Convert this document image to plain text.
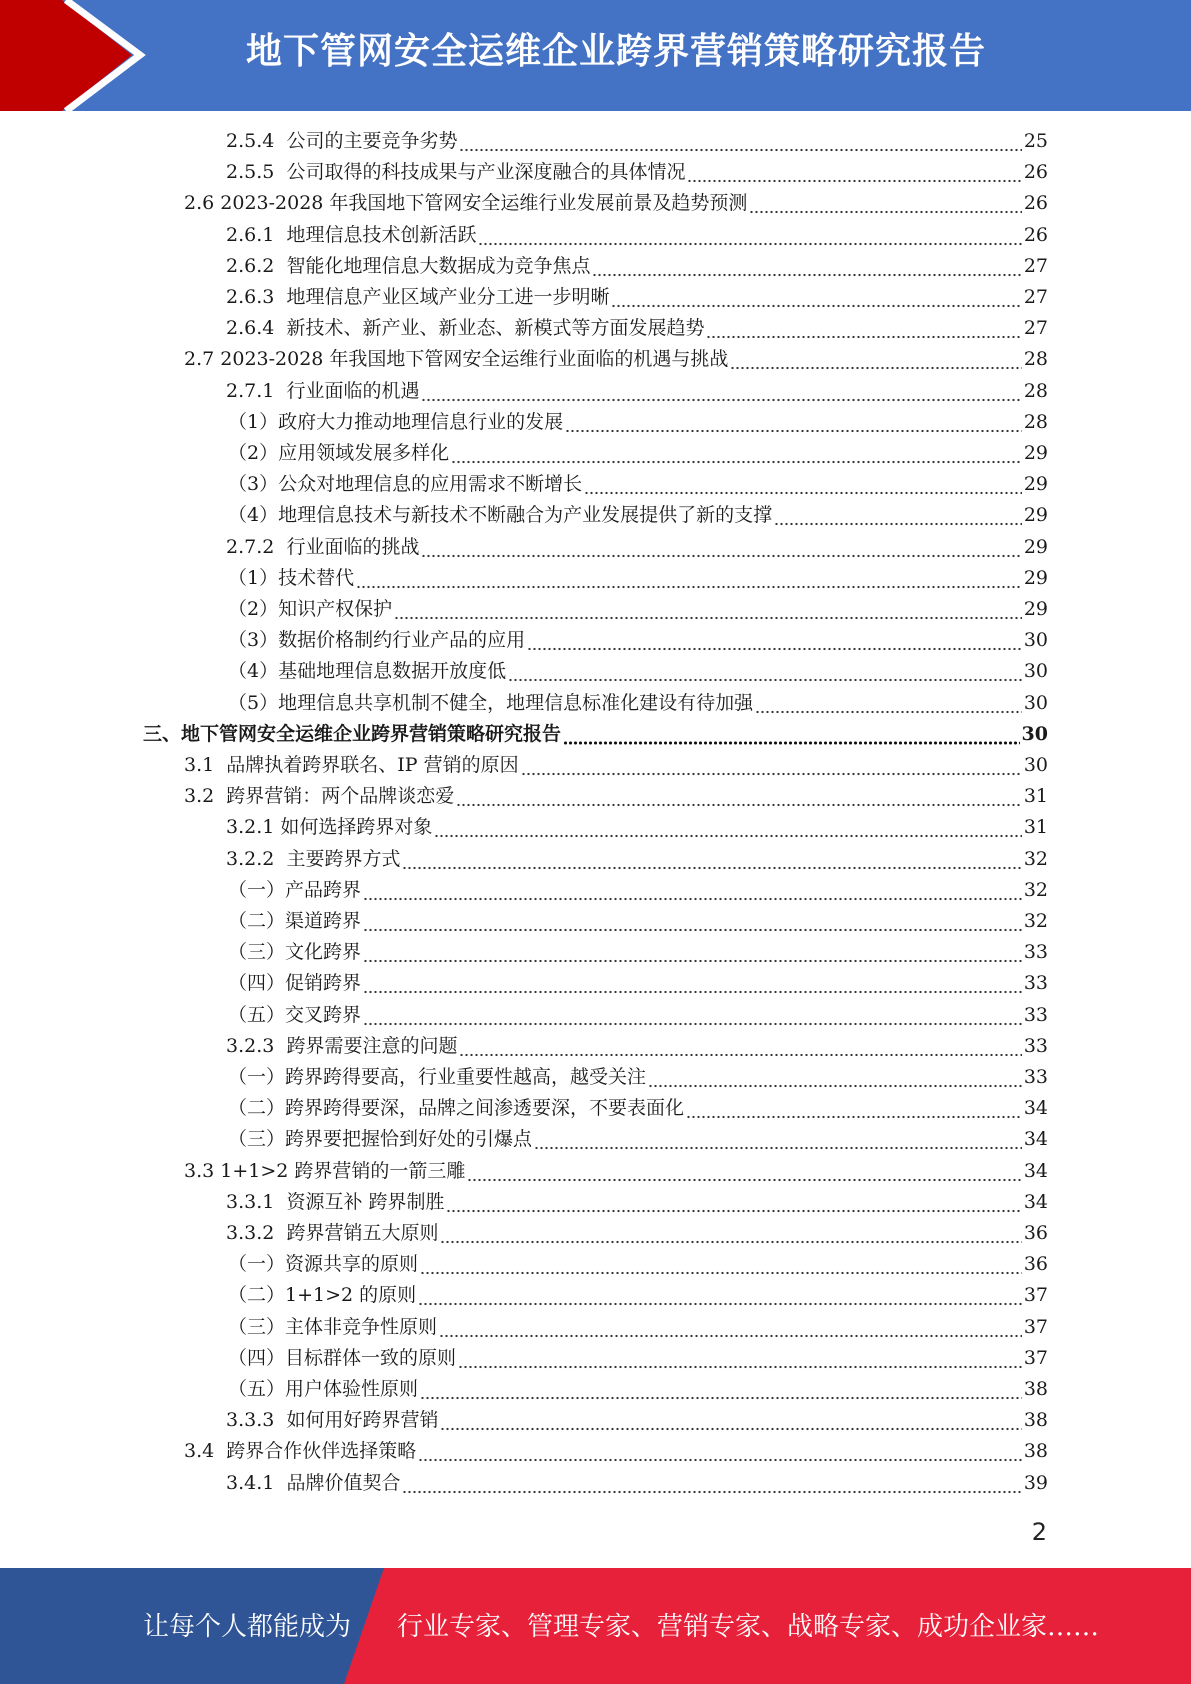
地下管网安全运维企业跨界营销策略研究报告
2.5.4 公司的主要竞争劣势	25
2.5.5 公司取得的科技成果与产业深度融合的具体情况	26
2.6 2023-2028 年我国地下管网安全运维行业发展前景及趋势预测	26
2.6.1 地理信息技术创新活跃	26
2.6.2 智能化地理信息大数据成为竞争焦点	27
2.6.3 地理信息产业区域产业分工进一步明晰	27
2.6.4 新技术、新产业、新业态、新模式等方面发展趋势	27
2.7 2023-2028 年我国地下管网安全运维行业面临的机遇与挑战	28
2.7.1 行业面临的机遇	28
（1） 政府大力推动地理信息行业的发展	28
（2） 应用领域发展多样化	29
（3） 公众对地理信息的应用需求不断增长	29
（4） 地理信息技术与新技术不断融合为产业发展提供了新的支撑	29
2.7.2 行业面临的挑战	29
（1） 技术替代	29
（2） 知识产权保护	29
（3） 数据价格制约行业产品的应用	30
（4） 基础地理信息数据开放度低	30
（5） 地理信息共享机制不健全，地理信息标准化建设有待加强	30
三、 地下管网安全运维企业跨界营销策略研究报告	30
3.1 品牌执着跨界联名、IP 营销的原因	30
3.2 跨界营销：两个品牌谈恋爱	31
3.2.1 如何选择跨界对象	31
3.2.2 主要跨界方式	32
（一） 产品跨界	32
（二） 渠道跨界	32
（三） 文化跨界	33
（四） 促销跨界	33
（五） 交叉跨界	33
3.2.3 跨界需要注意的问题	33
（一） 跨界跨得要高，行业重要性越高，越受关注	33
（二） 跨界跨得要深，品牌之间渗透要深，不要表面化	34
（三） 跨界要把握恰到好处的引爆点	34
3.3 1+1>2 跨界营销的一箭三雕	34
3.3.1 资源互补 跨界制胜	34
3.3.2 跨界营销五大原则	36
（一） 资源共享的原则	36
（二） 1+1>2 的原则	37
（三） 主体非竞争性原则	37
（四） 目标群体一致的原则	37
（五） 用户体验性原则	38
3.3.3 如何用好跨界营销	38
3.4 跨界合作伙伴选择策略	38
3.4.1 品牌价值契合	39
2
让每个人都能成为 行业专家、管理专家、营销专家、战略专家、成功企业家……
